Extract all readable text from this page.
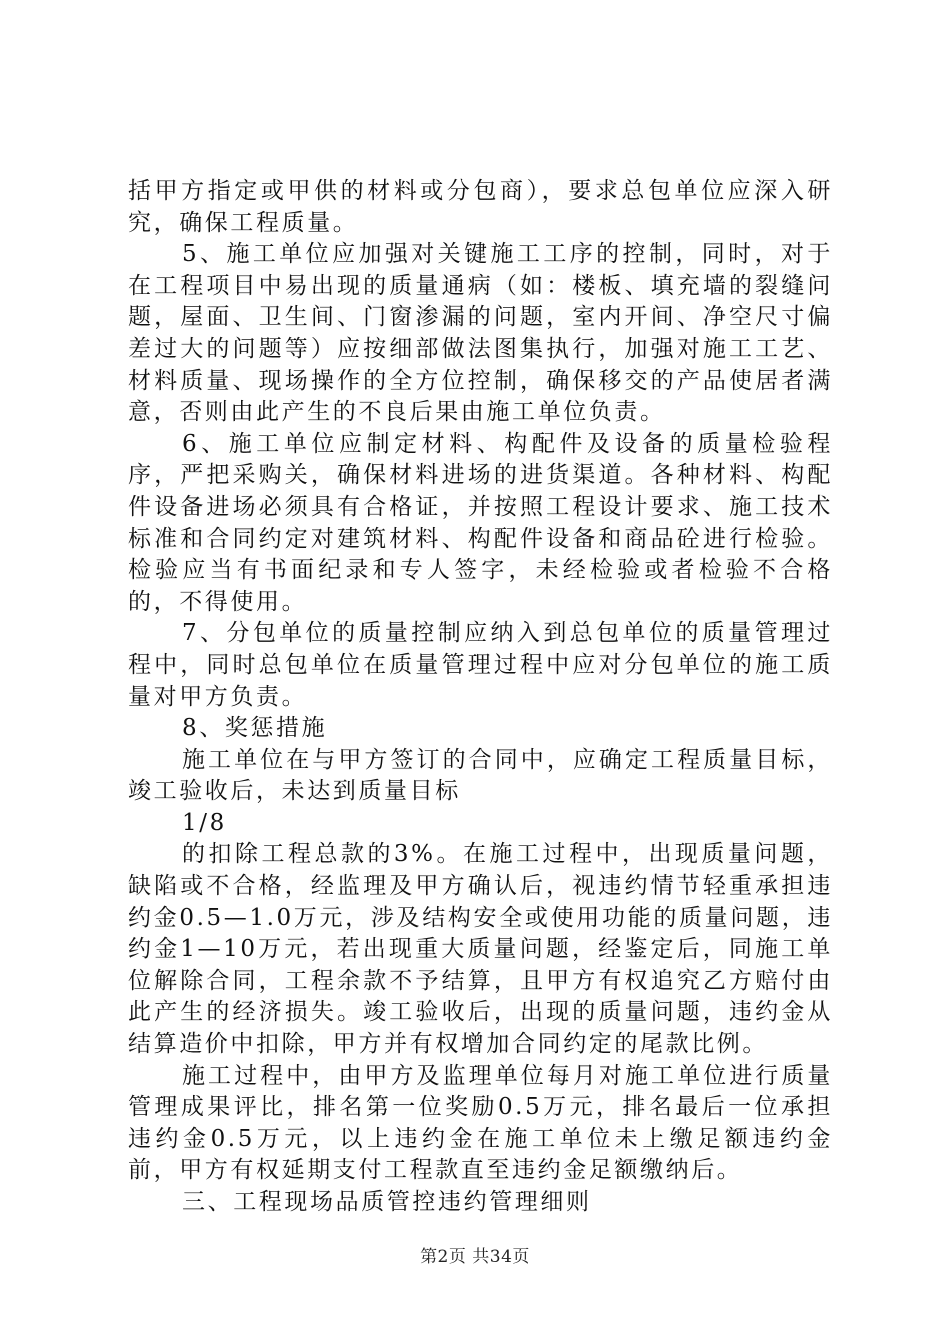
括甲方指定或甲供的材料或分包商），要求总包单位应深入研究，确保工程质量。

5、施工单位应加强对关键施工工序的控制，同时，对于在工程项目中易出现的质量通病（如：楼板、填充墙的裂缝问题，屋面、卫生间、门窗渗漏的问题，室内开间、净空尺寸偏差过大的问题等）应按细部做法图集执行，加强对施工工艺、材料质量、现场操作的全方位控制，确保移交的产品使居者满意，否则由此产生的不良后果由施工单位负责。

6、施工单位应制定材料、构配件及设备的质量检验程序，严把采购关，确保材料进场的进货渠道。各种材料、构配件设备进场必须具有合格证，并按照工程设计要求、施工技术标准和合同约定对建筑材料、构配件设备和商品砼进行检验。检验应当有书面纪录和专人签字，未经检验或者检验不合格的，不得使用。

7、分包单位的质量控制应纳入到总包单位的质量管理过程中，同时总包单位在质量管理过程中应对分包单位的施工质量对甲方负责。

8、奖惩措施

施工单位在与甲方签订的合同中，应确定工程质量目标，竣工验收后，未达到质量目标

1/8

的扣除工程总款的3%。在施工过程中，出现质量问题，缺陷或不合格，经监理及甲方确认后，视违约情节轻重承担违约金0.5—1.0万元，涉及结构安全或使用功能的质量问题，违约金1—10万元，若出现重大质量问题，经鉴定后，同施工单位解除合同，工程余款不予结算，且甲方有权追究乙方赔付由此产生的经济损失。竣工验收后，出现的质量问题，违约金从结算造价中扣除，甲方并有权增加合同约定的尾款比例。

施工过程中，由甲方及监理单位每月对施工单位进行质量管理成果评比，排名第一位奖励0.5万元，排名最后一位承担违约金0.5万元，以上违约金在施工单位未上缴足额违约金前，甲方有权延期支付工程款直至违约金足额缴纳后。

三、工程现场品质管控违约管理细则

第2页 共34页
